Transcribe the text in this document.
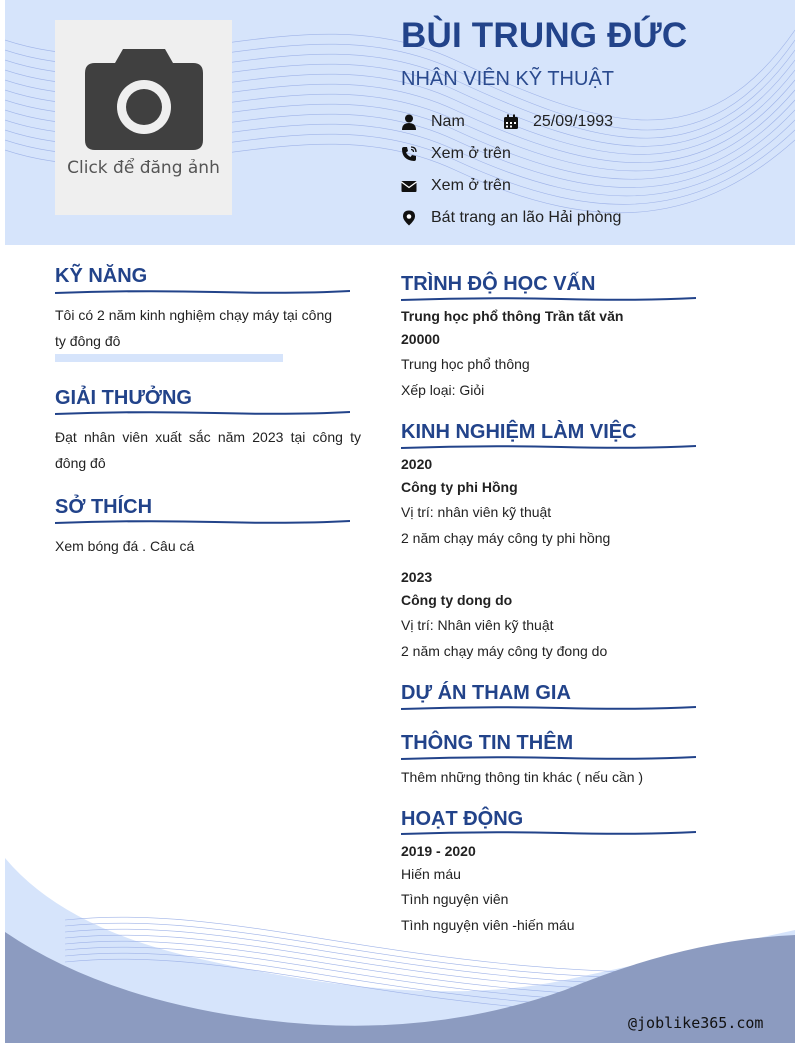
Click để đăng ảnh
BÙI TRUNG ĐỨC
NHÂN VIÊN KỸ THUẬT
Nam	25/09/1993
Xem ở trên
Xem ở trên
Bát trang an lão Hải phòng
KỸ NĂNG
Tôi có 2 năm kinh nghiệm chạy máy tại công ty đông đô
GIẢI THƯỞNG
Đạt nhân viên xuất sắc năm 2023 tại công ty đông đô
SỞ THÍCH
Xem bóng đá . Câu cá
TRÌNH ĐỘ HỌC VẤN
Trung học phổ thông Trần tất văn
20000
Trung học phổ thông
Xếp loại: Giỏi
KINH NGHIỆM LÀM VIỆC
2020
Công ty phi Hồng
Vị trí: nhân viên kỹ thuật
2 năm chạy máy công ty phi hồng
2023
Công ty dong do
Vị trí: Nhân viên kỹ thuật
2 năm chạy máy công ty đong do
DỰ ÁN THAM GIA
THÔNG TIN THÊM
Thêm những thông tin khác ( nếu cần )
HOẠT ĐỘNG
2019 - 2020
Hiến máu
Tình nguyện viên
Tình nguyện viên -hiến máu
@joblike365.com
